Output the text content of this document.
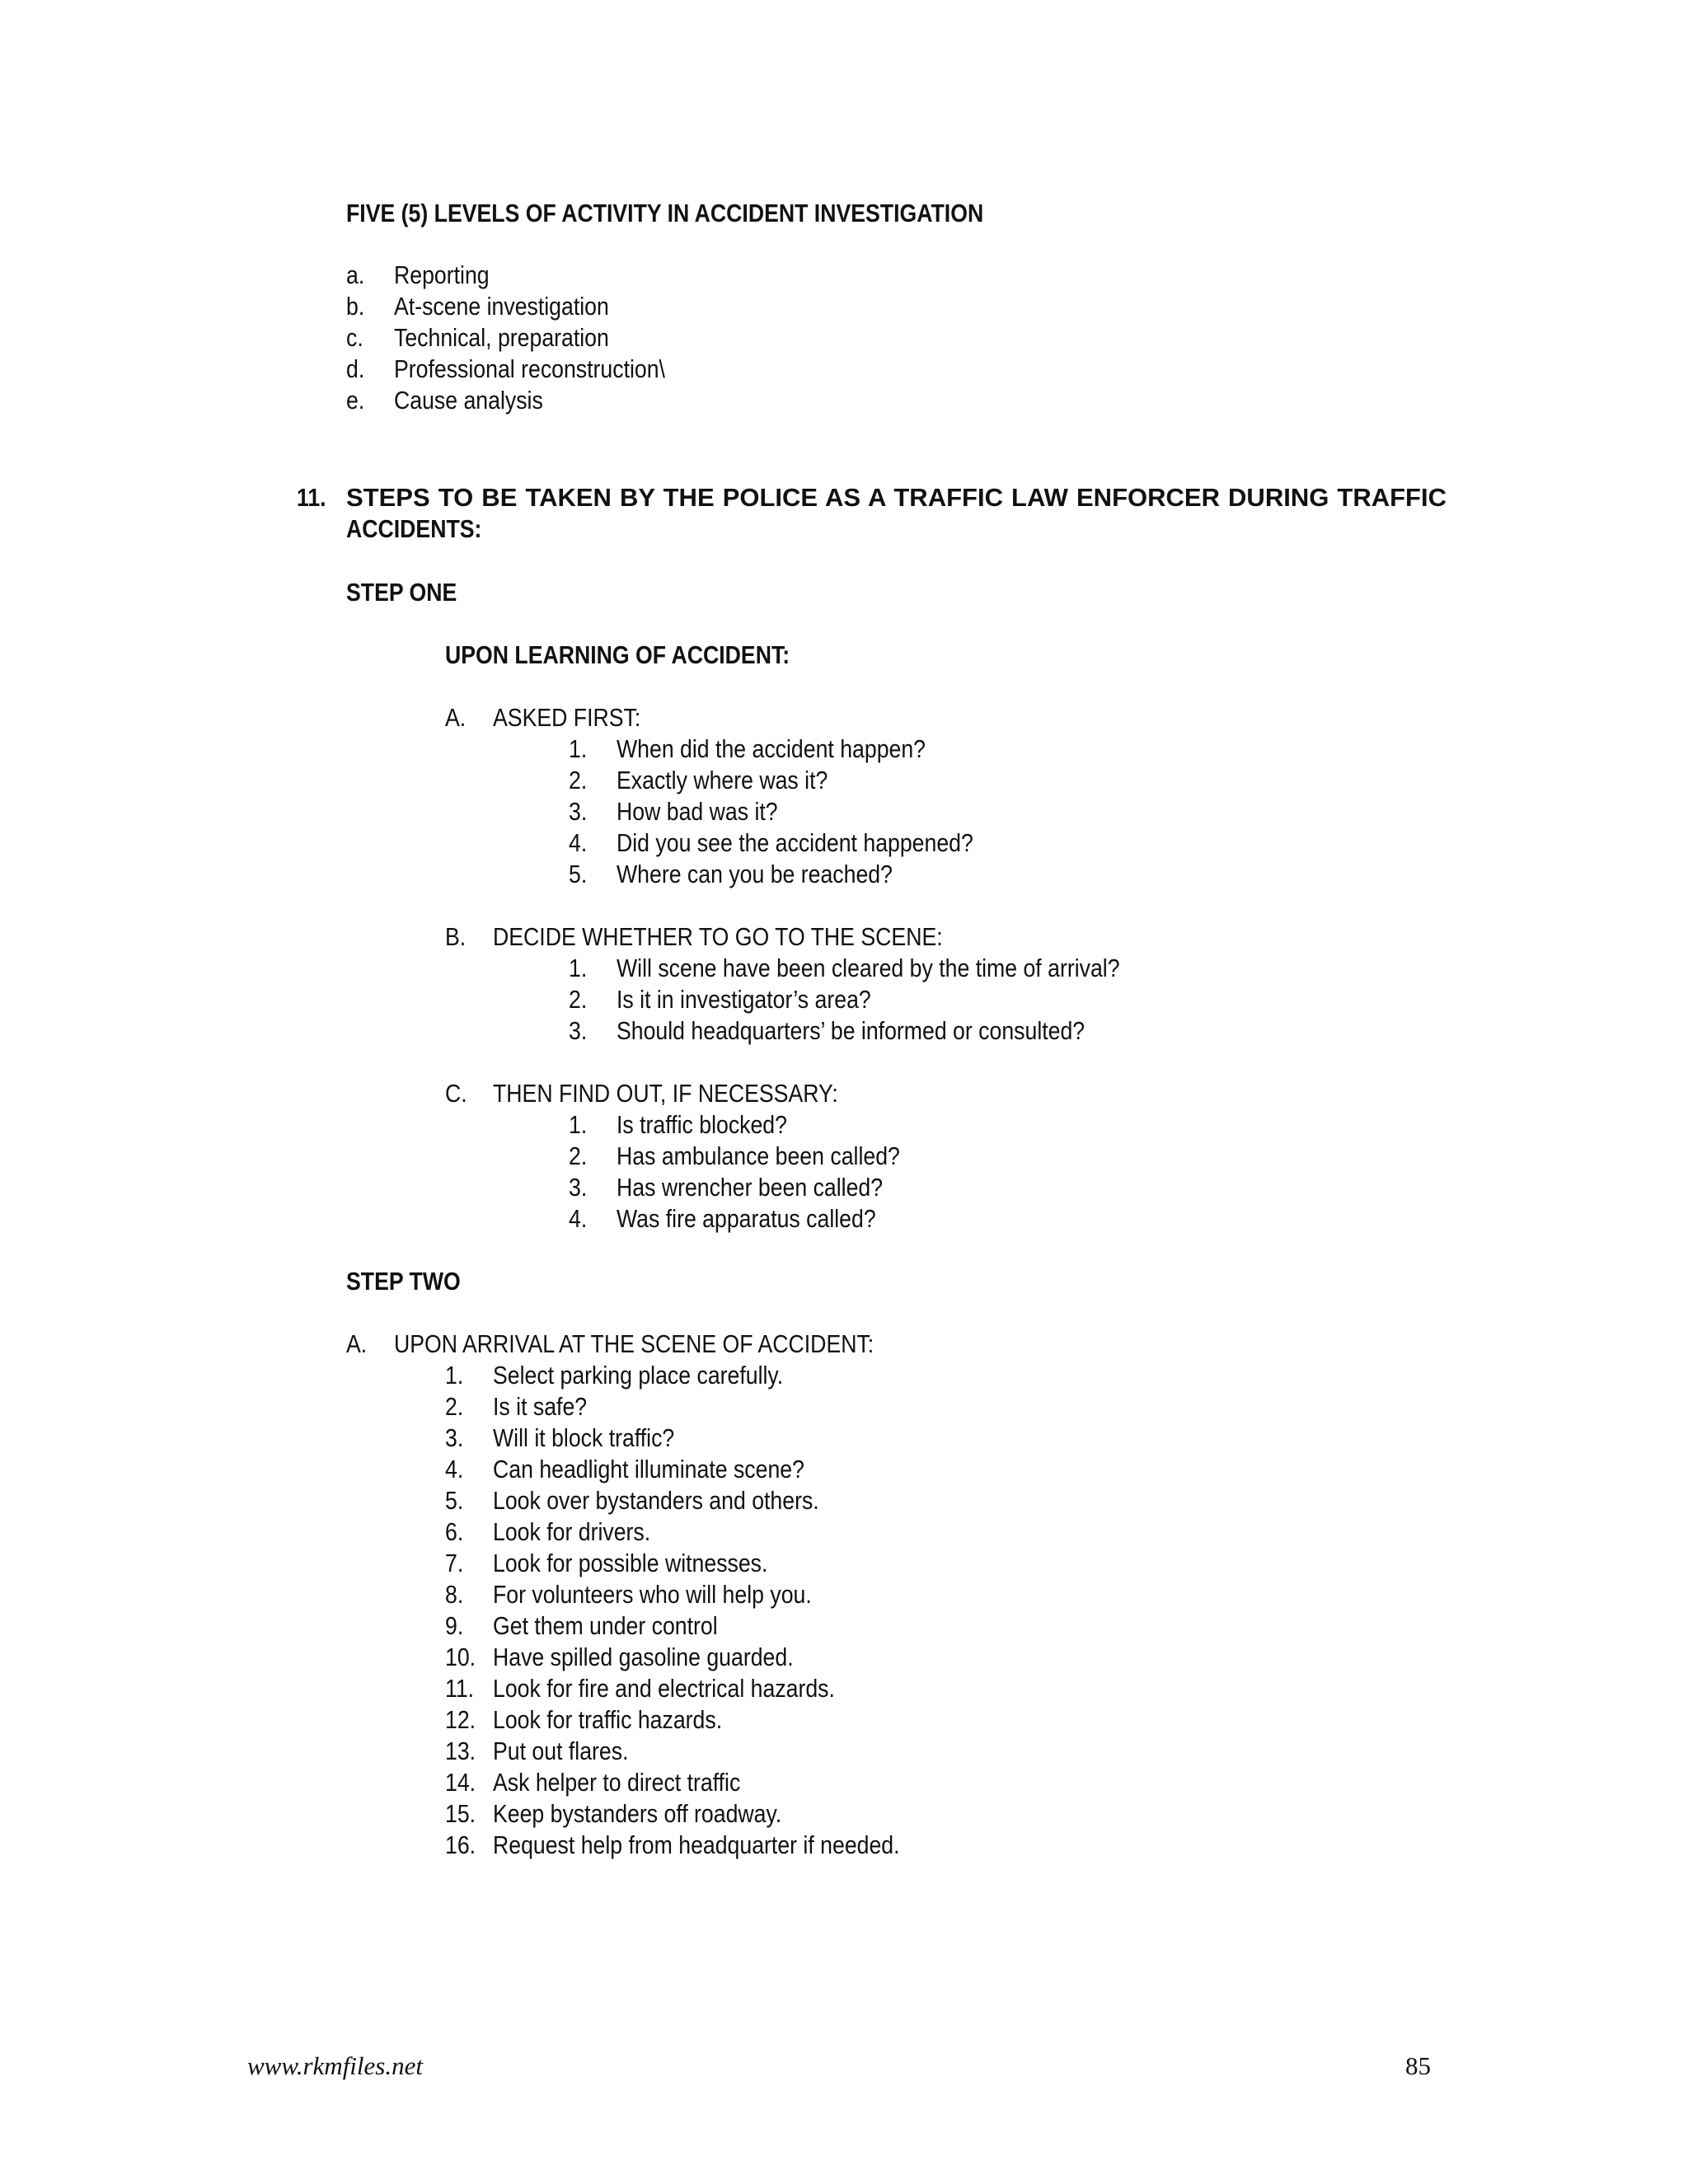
FIVE (5) LEVELS OF ACTIVITY IN ACCIDENT INVESTIGATION
a. Reporting
b. At-scene investigation
c. Technical, preparation
d. Professional reconstruction\
e. Cause analysis
11. STEPS TO BE TAKEN BY THE POLICE AS A TRAFFIC LAW ENFORCER DURING TRAFFIC
ACCIDENTS:
STEP ONE
UPON LEARNING OF ACCIDENT:
A. ASKED FIRST:
1. When did the accident happen?
2. Exactly where was it?
3. How bad was it?
4. Did you see the accident happened?
5. Where can you be reached?
B. DECIDE WHETHER TO GO TO THE SCENE:
1. Will scene have been cleared by the time of arrival?
2. Is it in investigator’s area?
3. Should headquarters’ be informed or consulted?
C. THEN FIND OUT, IF NECESSARY:
1. Is traffic blocked?
2. Has ambulance been called?
3. Has wrencher been called?
4. Was fire apparatus called?
STEP TWO
A. UPON ARRIVAL AT THE SCENE OF ACCIDENT:
1. Select parking place carefully.
2. Is it safe?
3. Will it block traffic?
4. Can headlight illuminate scene?
5. Look over bystanders and others.
6. Look for drivers.
7. Look for possible witnesses.
8. For volunteers who will help you.
9. Get them under control
10. Have spilled gasoline guarded.
11. Look for fire and electrical hazards.
12. Look for traffic hazards.
13. Put out flares.
14. Ask helper to direct traffic
15. Keep bystanders off roadway.
16. Request help from headquarter if needed.
www.rkmfiles.net	85
